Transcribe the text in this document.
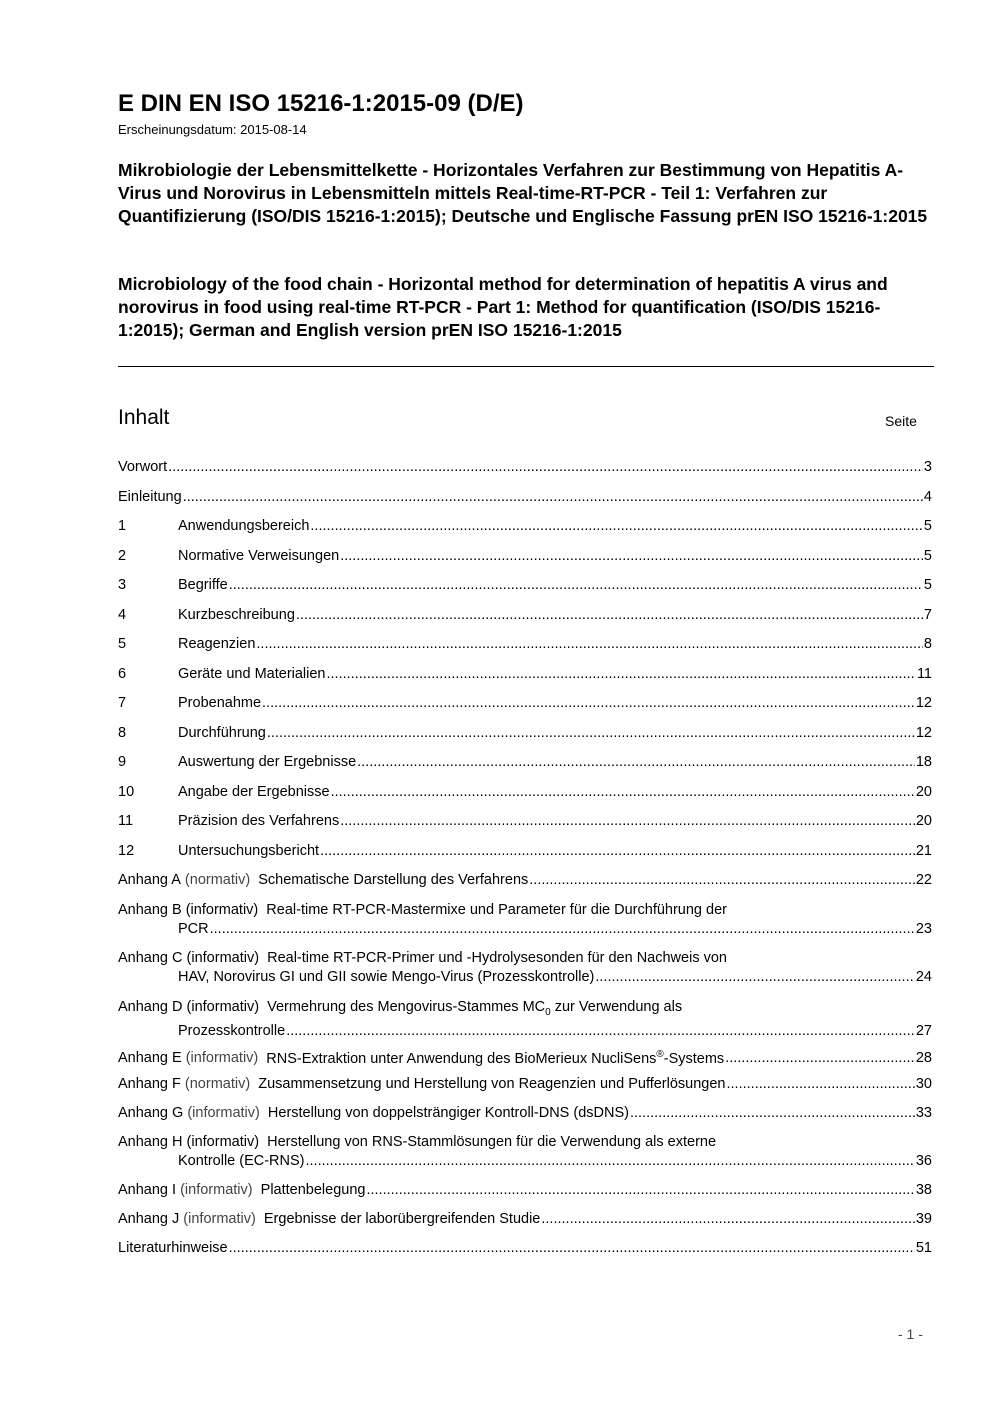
E DIN EN ISO 15216-1:2015-09 (D/E)
Erscheinungsdatum: 2015-08-14

Mikrobiologie der Lebensmittelkette - Horizontales Verfahren zur Bestimmung von Hepatitis A-Virus und Norovirus in Lebensmitteln mittels Real-time-RT-PCR - Teil 1: Verfahren zur Quantifizierung (ISO/DIS 15216-1:2015); Deutsche und Englische Fassung prEN ISO 15216-1:2015

Microbiology of the food chain - Horizontal method for determination of hepatitis A virus and norovirus in food using real-time RT-PCR - Part 1: Method for quantification (ISO/DIS 15216-1:2015); German and English version prEN ISO 15216-1:2015

Inhalt	Seite
Vorwort .....	3
Einleitung .....	4
1	Anwendungsbereich .....	5
2	Normative Verweisungen .....	5
3	Begriffe .....	5
4	Kurzbeschreibung .....	7
5	Reagenzien .....	8
6	Geräte und Materialien .....	11
7	Probenahme .....	12
8	Durchführung .....	12
9	Auswertung der Ergebnisse .....	18
10	Angabe der Ergebnisse .....	20
11	Präzision des Verfahrens .....	20
12	Untersuchungsbericht .....	21
Anhang A (normativ) Schematische Darstellung des Verfahrens .....	22
Anhang B (informativ)  Real-time RT-PCR-Mastermixe und Parameter für die Durchführung der
PCR .....	23
Anhang C (informativ)  Real-time RT-PCR-Primer und -Hydrolysesonden für den Nachweis von
HAV, Norovirus GI und GII sowie Mengo-Virus (Prozesskontrolle) .....	24
Anhang D (informativ)  Vermehrung des Mengovirus-Stammes $MC_0$ zur Verwendung als
Prozesskontrolle .....	27
Anhang E (informativ) RNS-Extraktion unter Anwendung des BioMerieux NucliSens®-Systems .....	28
Anhang F (normativ) Zusammensetzung und Herstellung von Reagenzien und Pufferlösungen .....	30
Anhang G (informativ) Herstellung von doppelsträngiger Kontroll-DNS (dsDNS) .....	33
Anhang H (informativ)  Herstellung von RNS-Stammlösungen für die Verwendung als externe
Kontrolle (EC-RNS) .....	36
Anhang I (informativ) Plattenbelegung .....	38
Anhang J (informativ) Ergebnisse der laborübergreifenden Studie .....	39
Literaturhinweise .....	51
- 1 -
